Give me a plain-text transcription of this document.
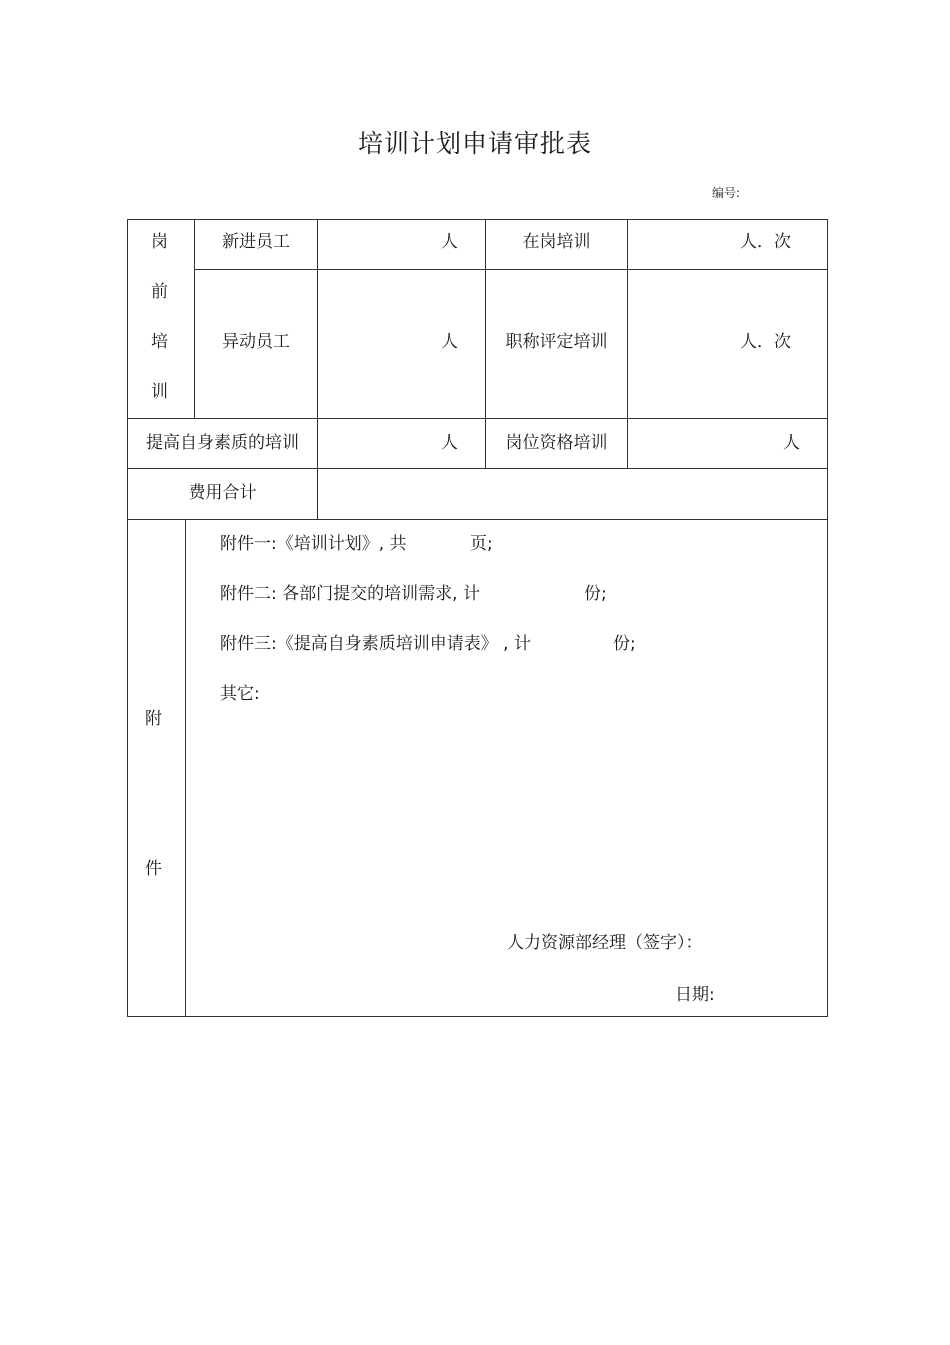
培训计划申请审批表
编号:
岗
前
培
训
新进员工	人	在岗培训	人．次
异动员工	人	职称评定培训	人．次
提高自身素质的培训	人	岗位资格培训	人
费用合计
附
件
附件一:《培训计划》, 共	页;
附件二: 各部门提交的培训需求, 计	份;
附件三:《提高自身素质培训申请表》 , 计	份;
其它:
人力资源部经理（签字）：
日期:
